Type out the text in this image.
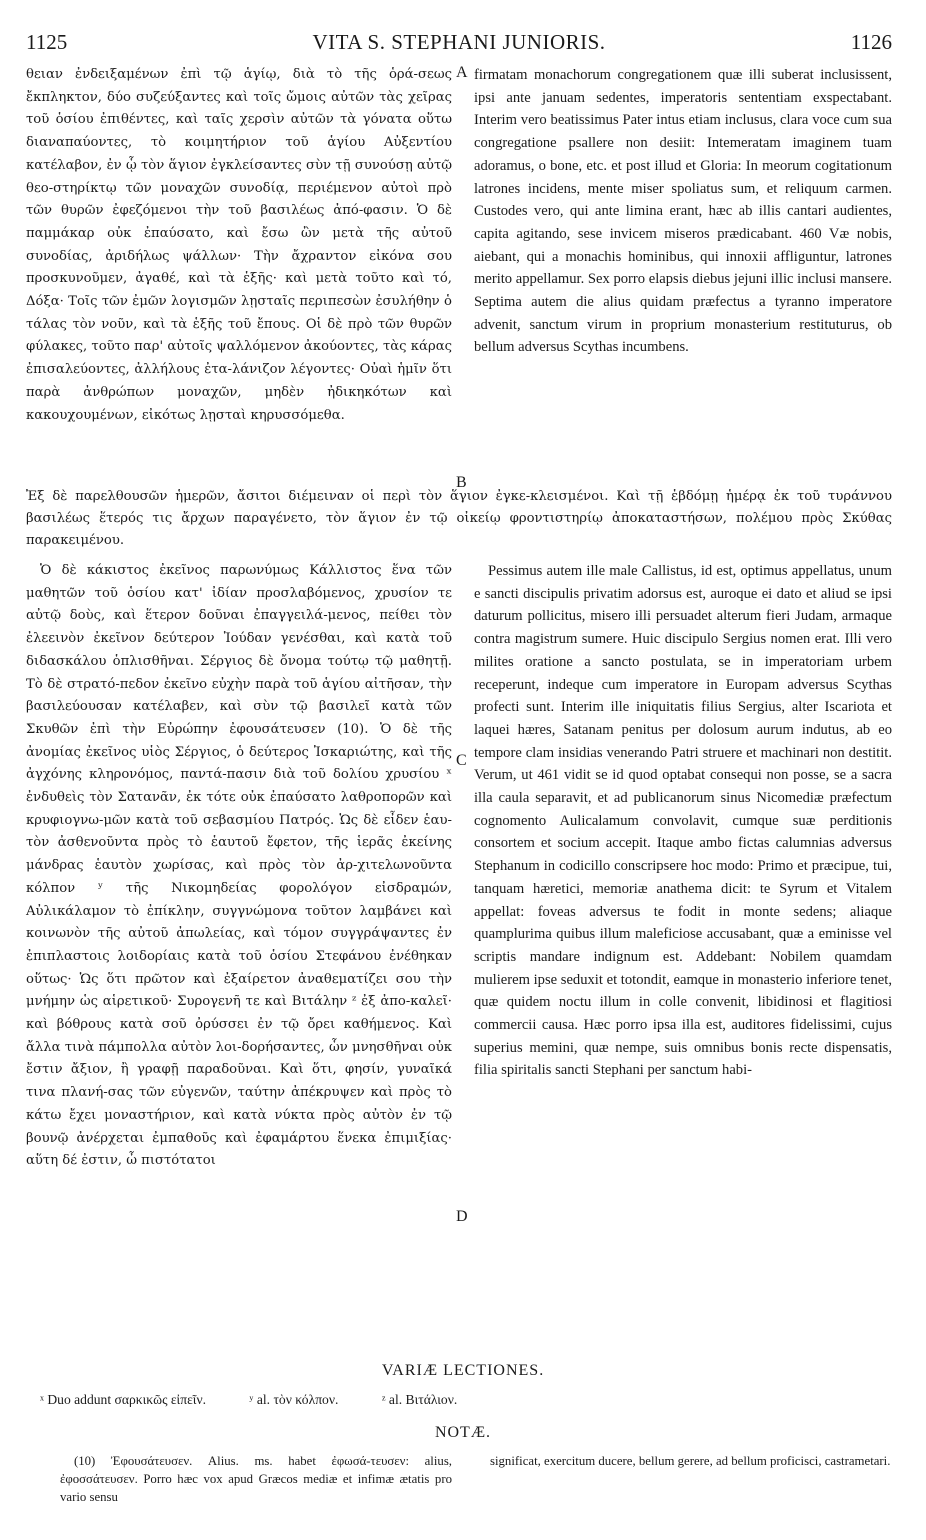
1125	VITA S. STEPHANI JUNIORIS.	1126

θειαν ἐνδειξαμένων ἐπὶ τῷ ἁγίῳ, διὰ τὸ τῆς ὁρά-σεως ἔκπληκτον, δύο συζεύξαντες καὶ τοῖς ὤμοις αὐτῶν τὰς χεῖρας τοῦ ὁσίου ἐπιθέντες, καὶ ταῖς χερσὶν αὐτῶν τὰ γόνατα οὕτω διαναπαύοντες, τὸ κοιμητήριον τοῦ ἁγίου Αὐξεντίου κατέλαβον, ἐν ᾧ τὸν ἅγιον ἐγκλείσαντες σὺν τῇ συνούσῃ αὐτῷ θεο-στηρίκτῳ τῶν μοναχῶν συνοδίᾳ, περιέμενον αὐτοὶ πρὸ τῶν θυρῶν ἐφεζόμενοι τὴν τοῦ βασιλέως ἀπό-φασιν. Ὁ δὲ παμμάκαρ οὐκ ἐπαύσατο, καὶ ἔσω ὢν μετὰ τῆς αὐτοῦ συνοδίας, ἀριδήλως ψάλλων· Τὴν ἄχραντον εἰκόνα σου προσκυνοῦμεν, ἀγαθέ, καὶ τὰ ἑξῆς· καὶ μετὰ τοῦτο καὶ τό, Δόξα· Τοῖς τῶν ἐμῶν λογισμῶν λῃσταῖς περιπεσὼν ἐσυλήθην ὁ τάλας τὸν νοῦν, καὶ τὰ ἑξῆς τοῦ ἔπους. Οἱ δὲ πρὸ τῶν θυρῶν φύλακες, τοῦτο παρ' αὐτοῖς ψαλλόμενον ἀκούοντες, τὰς κάρας ἐπισαλεύοντες, ἀλλήλους ἐτα-λάνιζον λέγοντες· Οὐαὶ ἡμῖν ὅτι παρὰ ἀνθρώπων μοναχῶν, μηδὲν ἠδικηκότων καὶ κακουχουμένων, εἰκότως λῃσταὶ κηρυσσόμεθα.

A
B

firmatam monachorum congregationem quæ illi suberat inclusissent, ipsi ante januam sedentes, imperatoris sententiam exspectabant. Interim vero beatissimus Pater intus etiam inclusus, clara voce cum sua congregatione psallere non desiit: Intemeratam imaginem tuam adoramus, o bone, etc. et post illud et Gloria: In meorum cogitationum latrones incidens, mente miser spoliatus sum, et reliquum carmen. Custodes vero, qui ante limina erant, hæc ab illis cantari audientes, capita agitando, sese invicem miseros prædicabant. 460 Væ nobis, aiebant, qui a monachis hominibus, qui innoxii affliguntur, latrones merito appellamur. Sex porro elapsis diebus jejuni illic inclusi mansere. Septima autem die alius quidam præfectus a tyranno imperatore advenit, sanctum virum in proprium monasterium restituturus, ob bellum adversus Scythas incumbens.

Ἐξ δὲ παρελθουσῶν ἡμερῶν, ἄσιτοι διέμειναν οἱ περὶ τὸν ἅγιον ἐγκε-κλεισμένοι. Καὶ τῇ ἑβδόμῃ ἡμέρᾳ ἐκ τοῦ τυράννου βασιλέως ἕτερός τις ἄρχων παραγένετο, τὸν ἅγιον ἐν τῷ οἰκείῳ φροντιστηρίῳ ἀποκαταστήσων, πολέμου πρὸς Σκύθας παρακειμένου.

Ὁ δὲ κάκιστος ἐκεῖνος παρωνύμως Κάλλιστος ἕνα τῶν μαθητῶν τοῦ ὁσίου κατ' ἰδίαν προσλαβόμενος, χρυσίον τε αὐτῷ δοὺς, καὶ ἕτερον δοῦναι ἐπαγγειλά-μενος, πείθει τὸν ἐλεεινὸν ἐκεῖνον δεύτερον Ἰούδαν γενέσθαι, καὶ κατὰ τοῦ διδασκάλου ὁπλισθῆναι. Σέργιος δὲ ὄνομα τούτῳ τῷ μαθητῇ. Τὸ δὲ στρατό-πεδον ἐκεῖνο εὐχὴν παρὰ τοῦ ἁγίου αἰτῆσαν, τὴν βασιλεύουσαν κατέλαβεν, καὶ σὺν τῷ βασιλεῖ κατὰ τῶν Σκυθῶν ἐπὶ τὴν Εὐρώπην ἐφουσάτευσεν (10). Ὁ δὲ τῆς ἀνομίας ἐκεῖνος υἱὸς Σέργιος, ὁ δεύτερος Ἰσκαριώτης, καὶ τῆς ἀγχόνης κληρονόμος, παντά-πασιν διὰ τοῦ δολίου χρυσίου ˣ ἐνδυθεὶς τὸν Σατανᾶν, ἐκ τότε οὐκ ἐπαύσατο λαθροπορῶν καὶ κρυφιογνω-μῶν κατὰ τοῦ σεβασμίου Πατρός. Ὡς δὲ εἶδεν ἑαυ-τὸν ἀσθενοῦντα πρὸς τὸ ἑαυτοῦ ἔφετον, τῆς ἱερᾶς ἐκείνης μάνδρας ἑαυτὸν χωρίσας, καὶ πρὸς τὸν ἀρ-χιτελωνοῦντα κόλπον ʸ τῆς Νικομηδείας φορολόγον εἰσδραμών, Αὐλικάλαμον τὸ ἐπίκλην, συγγνώμονα τοῦτον λαμβάνει καὶ κοινωνὸν τῆς αὐτοῦ ἀπωλείας, καὶ τόμον συγγράψαντες ἐν ἐπιπλαστοις λοιδορίαις κατὰ τοῦ ὁσίου Στεφάνου ἐνέθηκαν οὕτως· Ὡς ὅτι πρῶτον καὶ ἐξαίρετον ἀναθεματίζει σου τὴν μνήμην ὡς αἱρετικοῦ· Συρογενῆ τε καὶ Βιτάλην ᶻ ἐξ ἀπο-καλεῖ· καὶ βόθρους κατὰ σοῦ ὀρύσσει ἐν τῷ ὄρει καθήμενος. Καὶ ἄλλα τινὰ πάμπολλα αὐτὸν λοι-δορήσαντες, ὧν μνησθῆναι οὐκ ἔστιν ἄξιον, ἢ γραφῇ παραδοῦναι. Καὶ ὅτι, φησίν, γυναῖκά τινα πλανή-σας τῶν εὐγενῶν, ταύτην ἀπέκρυψεν καὶ πρὸς τὸ κάτω ἔχει μοναστήριον, καὶ κατὰ νύκτα πρὸς αὐτὸν ἐν τῷ βουνῷ ἀνέρχεται ἐμπαθοῦς καὶ ἐφαμάρτου ἕνεκα ἐπιμιξίας· αὕτη δέ ἐστιν, ὦ πιστότατοι

C
D

Pessimus autem ille male Callistus, id est, optimus appellatus, unum e sancti discipulis privatim adorsus est, auroque ei dato et aliud se ipsi daturum pollicitus, misero illi persuadet alterum fieri Judam, armaque contra magistrum sumere. Huic discipulo Sergius nomen erat. Illi vero milites oratione a sancto postulata, se in imperatoriam urbem receperunt, indeque cum imperatore in Europam adversus Scythas profecti sunt. Interim ille iniquitatis filius Sergius, alter Iscariota et laquei hæres, Satanam penitus per dolosum aurum indutus, ab eo tempore clam insidias venerando Patri struere et machinari non destitit. Verum, ut 461 vidit se id quod optabat consequi non posse, se a sacra illa caula separavit, et ad publicanorum sinus Nicomediæ præfectum cognomento Aulicalamum convolavit, cumque suæ perditionis consortem et socium accepit. Itaque ambo fictas calumnias adversus Stephanum in codicillo conscripsere hoc modo: Primo et præcipue, tui, tanquam hæretici, memoriæ anathema dicit: te Syrum et Vitalem appellat: foveas adversus te fodit in monte sedens; aliaque quamplurima quibus illum maleficiose accusabant, quæ a eminisse vel scriptis mandare indignum est. Addebant: Nobilem quamdam mulierem ipse seduxit et totondit, eamque in monasterio inferiore tenet, quæ quidem noctu illum in colle convenit, libidinosi et flagitiosi commercii causa. Hæc porro ipsa illa est, auditores fidelissimi, cujus superius memini, quæ nempe, suis omnibus bonis recte dispensatis, filia spiritalis sancti Stephani per sanctum habi-

VARIÆ LECTIONES.
ˣ Duo addunt σαρκικῶς εἰπεῖν.	ʸ al. τὸν κόλπον.	ᶻ al. Βιτάλιον.
NOTÆ.
(10) Ἐφουσάτευσεν. Alius. ms. habet ἐφωσά-τευσεν: alius, ἐφοσσάτευσεν. Porro hæc vox apud Græcos mediæ et infimæ ætatis pro vario sensu
significat, exercitum ducere, bellum gerere, ad bellum proficisci, castrametari.
